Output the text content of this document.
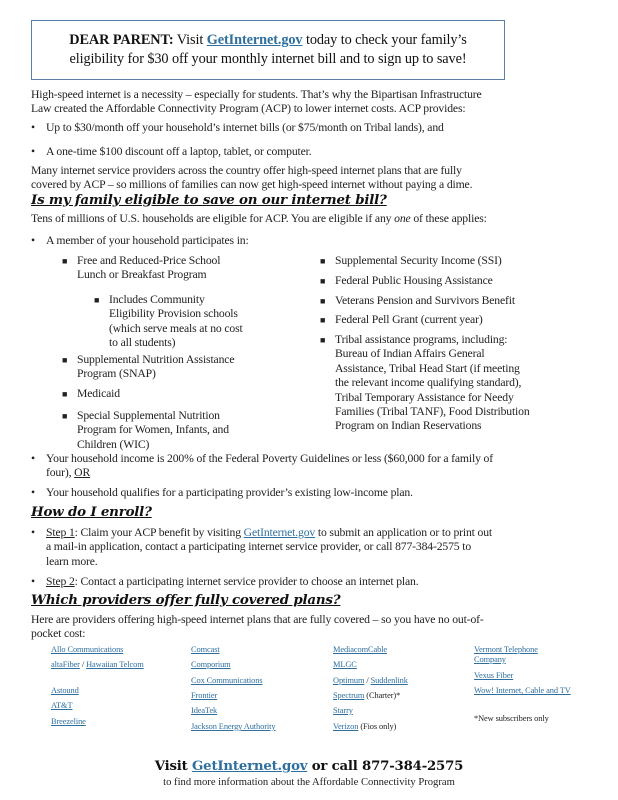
DEAR PARENT: Visit GetInternet.gov today to check your family’s
eligibility for $30 off your monthly internet bill and to sign up to save!
High-speed internet is a necessity – especially for students. That’s why the Bipartisan Infrastructure
Law created the Affordable Connectivity Program (ACP) to lower internet costs. ACP provides:
• Up to $30/month off your household’s internet bills (or $75/month on Tribal lands), and
• A one-time $100 discount off a laptop, tablet, or computer.
Many internet service providers across the country offer high-speed internet plans that are fully
covered by ACP – so millions of families can now get high-speed internet without paying a dime.
Is my family eligible to save on our internet bill?
Tens of millions of U.S. households are eligible for ACP. You are eligible if any one of these applies:
• A member of your household participates in:
■ Free and Reduced-Price School
Lunch or Breakfast Program
■ Includes Community
Eligibility Provision schools
(which serve meals at no cost
to all students)
■ Supplemental Nutrition Assistance
Program (SNAP)
■ Medicaid
■ Special Supplemental Nutrition
Program for Women, Infants, and
Children (WIC)
■ Supplemental Security Income (SSI)
■ Federal Public Housing Assistance
■ Veterans Pension and Survivors Benefit
■ Federal Pell Grant (current year)
■ Tribal assistance programs, including:
Bureau of Indian Affairs General
Assistance, Tribal Head Start (if meeting
the relevant income qualifying standard),
Tribal Temporary Assistance for Needy
Families (Tribal TANF), Food Distribution
Program on Indian Reservations
• Your household income is 200% of the Federal Poverty Guidelines or less ($60,000 for a family of
four), OR
• Your household qualifies for a participating provider’s existing low-income plan.
How do I enroll?
• Step 1: Claim your ACP benefit by visiting GetInternet.gov to submit an application or to print out
a mail-in application, contact a participating internet service provider, or call 877-384-2575 to
learn more.
• Step 2: Contact a participating internet service provider to choose an internet plan.
Which providers offer fully covered plans?
Here are providers offering high-speed internet plans that are fully covered – so you have no out-of-
pocket cost:
Allo Communications
altaFiber / Hawaiian Telcom
Astound
AT&T
Breezeline
Comcast
Comporium
Cox Communications
Frontier
IdeaTek
Jackson Energy Authority
MediacomCable
MLGC
Optimum / Suddenlink
Spectrum (Charter)*
Starry
Verizon (Fios only)
Vermont Telephone Company
Vexus Fiber
Wow! Internet, Cable and TV
*New subscribers only
Visit GetInternet.gov or call 877-384-2575
to find more information about the Affordable Connectivity Program
